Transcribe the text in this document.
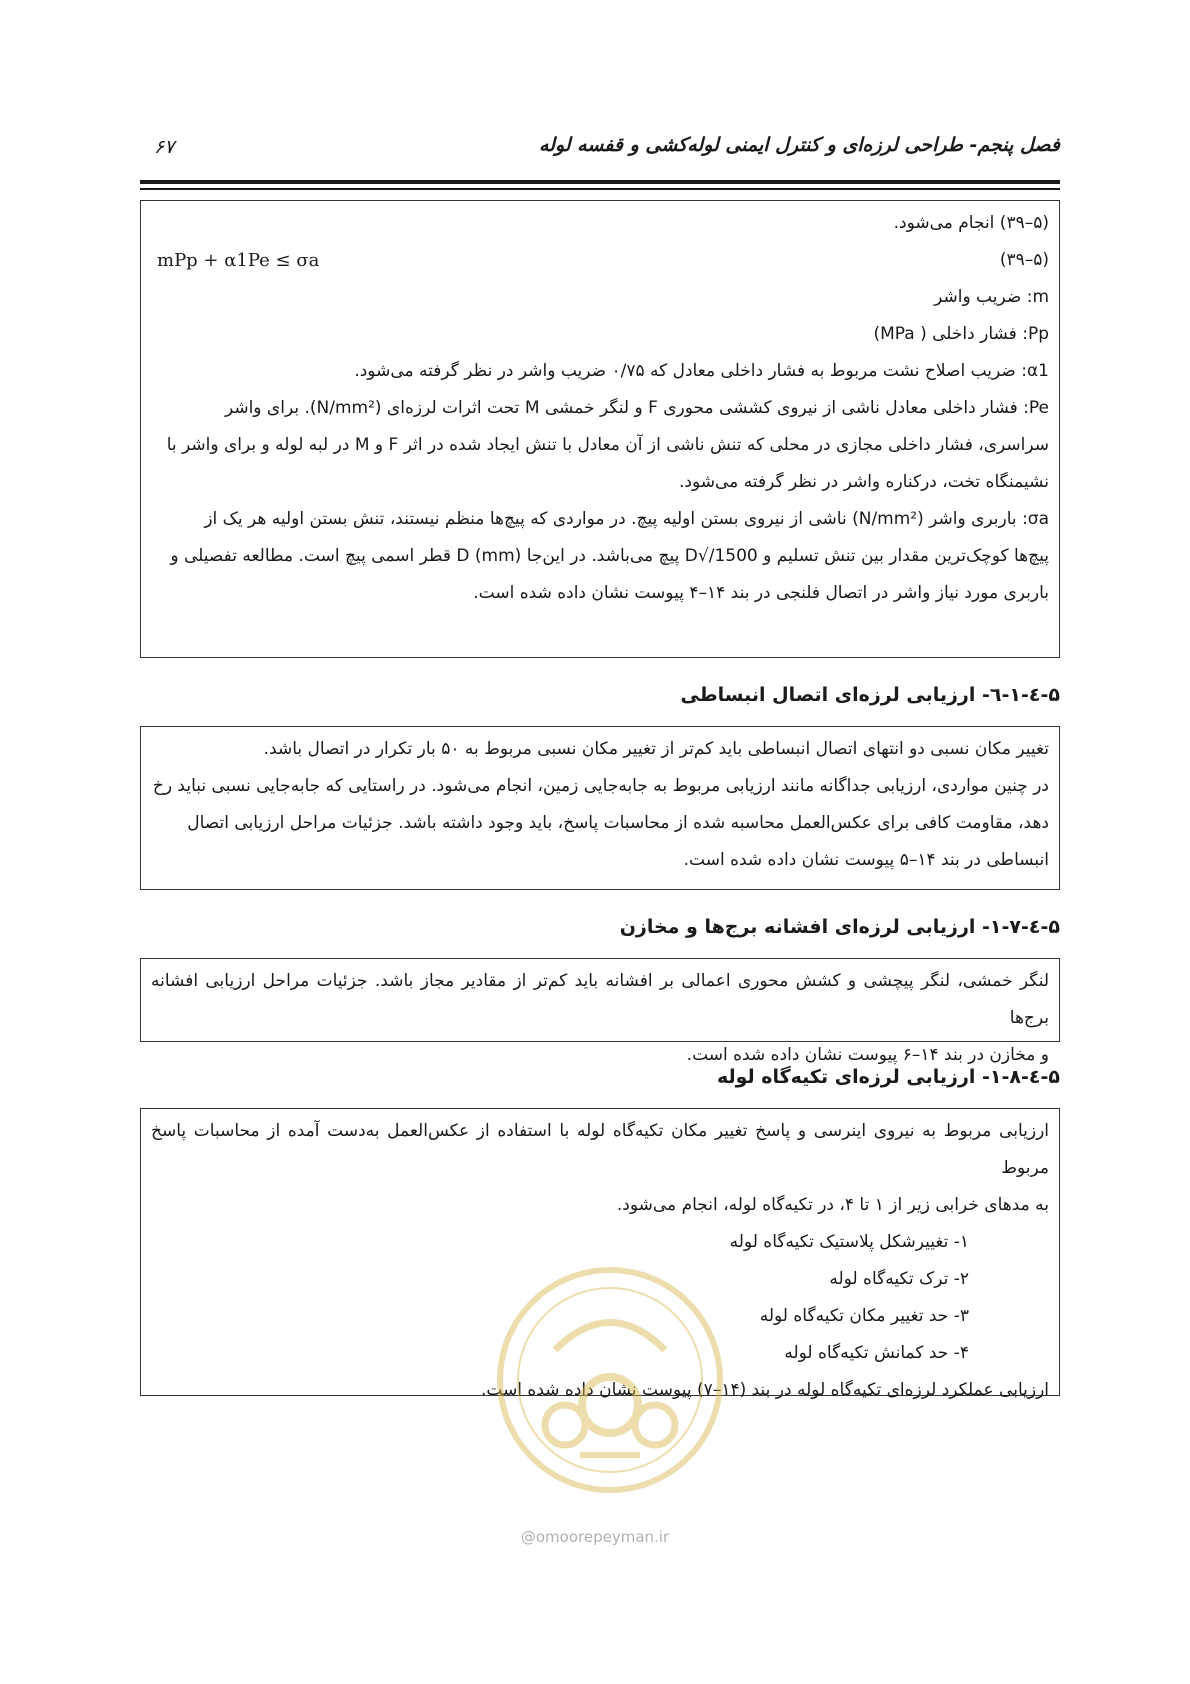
۶۷	فصل پنجم- طراحی لرزه‌ای و کنترل ایمنی لوله‌کشی و قفسه لوله
(۵–۳۹) انجام می‌شود.
(۵–۳۹)
mPp + α1Pe ≤ σa
m: ضریب واشر
Pp: فشار داخلی ( MPa)
α1: ضریب اصلاح نشت مربوط به فشار داخلی معادل که ۰/۷۵ ضریب واشر در نظر گرفته می‌شود.
Pe: فشار داخلی معادل ناشی از نیروی کششی محوری F و لنگر خمشی M تحت اثرات لرزه‌ای (N/mm²). برای واشر
سراسری، فشار داخلی مجازی در محلی که تنش ناشی از آن معادل با تنش ایجاد شده در اثر F و M در لبه لوله و برای واشر با
نشیمنگاه تخت، درکناره واشر در نظر گرفته می‌شود.
σa: باربری واشر (N/mm²) ناشی از نیروی بستن اولیه پیچ. در مواردی که پیچ‌ها منظم نیستند، تنش بستن اولیه هر یک از
پیچ‌ها کوچک‌ترین مقدار بین تنش تسلیم و 1500/√D پیچ می‌باشد. در این‌جا D (mm) قطر اسمی پیچ است. مطالعه تفصیلی و
باربری مورد نیاز واشر در اتصال فلنجی در بند ۱۴–۴ پیوست نشان داده شده است.
۵-٤-۱-٦- ارزیابی لرزه‌ای اتصال انبساطی
تغییر مکان نسبی دو انتهای اتصال انبساطی باید کم‌تر از تغییر مکان نسبی مربوط به ۵۰ بار تکرار در اتصال باشد.
در چنین مواردی، ارزیابی جداگانه مانند ارزیابی مربوط به جابه‌جایی زمین، انجام می‌شود. در راستایی که جابه‌جایی نسبی نباید رخ
دهد، مقاومت کافی برای عکس‌العمل محاسبه شده از محاسبات پاسخ، باید وجود داشته باشد. جزئیات مراحل ارزیابی اتصال
انبساطی در بند ۱۴–۵ پیوست نشان داده شده است.
۵-٤-۱-۷- ارزیابی لرزه‌ای افشانه برج‌ها و مخازن
لنگر خمشی، لنگر پیچشی و کشش محوری اعمالی بر افشانه باید کم‌تر از مقادیر مجاز باشد. جزئیات مراحل ارزیابی افشانه برج‌ها
و مخازن در بند ۱۴–۶ پیوست نشان داده شده است.
۵-٤-۱-۸- ارزیابی لرزه‌ای تکیه‌گاه لوله
ارزیابی مربوط به نیروی اینرسی و پاسخ تغییر مکان تکیه‌گاه لوله با استفاده از عکس‌العمل به‌دست آمده از محاسبات پاسخ مربوط
به مدهای خرابی زیر از ۱ تا ۴، در تکیه‌گاه لوله، انجام می‌شود.
۱- تغییرشکل پلاستیک تکیه‌گاه لوله
۲- ترک تکیه‌گاه لوله
۳- حد تغییر مکان تکیه‌گاه لوله
۴- حد کمانش تکیه‌گاه لوله
ارزیابی عملکرد لرزه‌ای تکیه‌گاه لوله در بند (۱۴–۷) پیوست نشان داده شده است.
@omoorepeyman.ir
